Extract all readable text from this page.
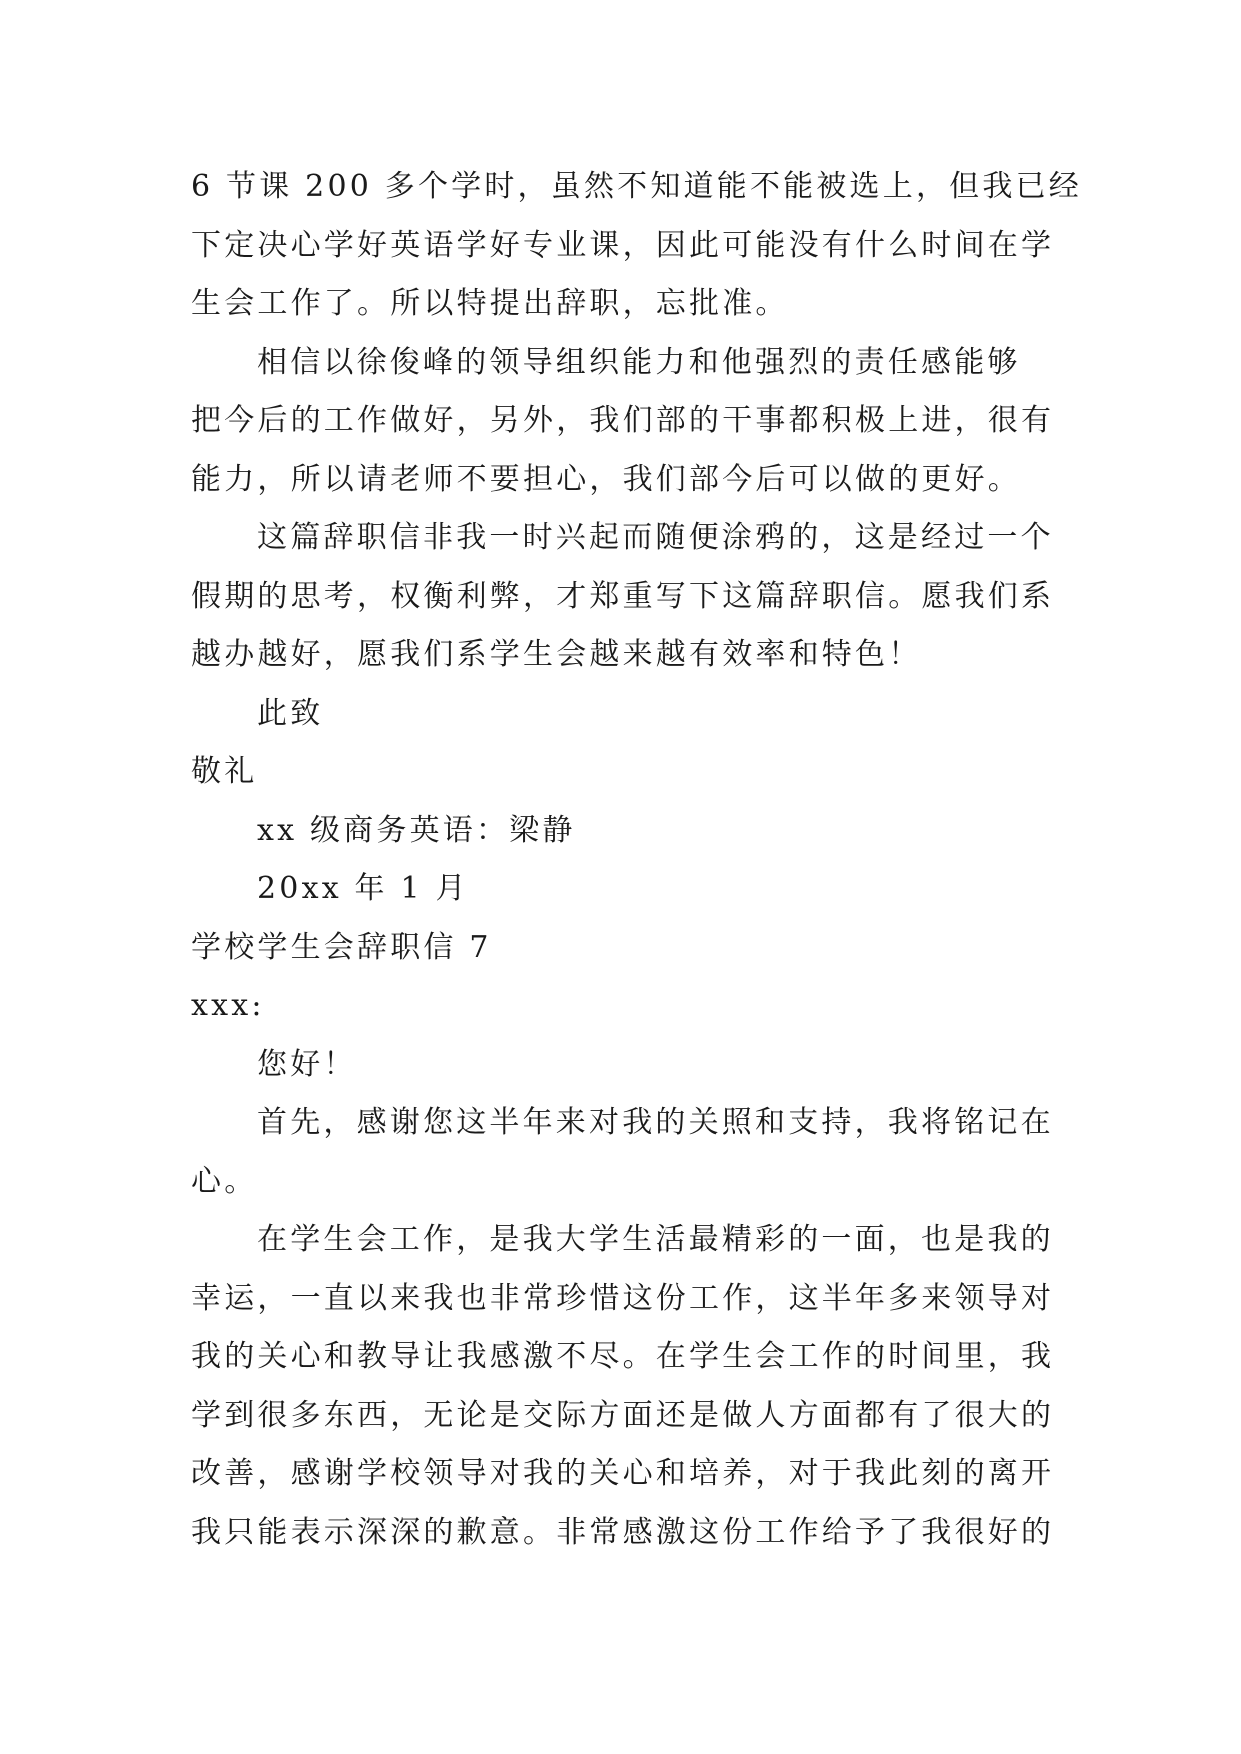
6 节课 200 多个学时，虽然不知道能不能被选上，但我已经
下定决心学好英语学好专业课，因此可能没有什么时间在学
生会工作了。所以特提出辞职，忘批准。
相信以徐俊峰的领导组织能力和他强烈的责任感能够
把今后的工作做好，另外，我们部的干事都积极上进，很有
能力，所以请老师不要担心，我们部今后可以做的更好。
这篇辞职信非我一时兴起而随便涂鸦的，这是经过一个
假期的思考，权衡利弊，才郑重写下这篇辞职信。愿我们系
越办越好，愿我们系学生会越来越有效率和特色！
此致
敬礼
xx 级商务英语：梁静
20xx 年 1 月
学校学生会辞职信 7
xxx:
您好！
首先，感谢您这半年来对我的关照和支持，我将铭记在
心。
在学生会工作，是我大学生活最精彩的一面，也是我的
幸运，一直以来我也非常珍惜这份工作，这半年多来领导对
我的关心和教导让我感激不尽。在学生会工作的时间里，我
学到很多东西，无论是交际方面还是做人方面都有了很大的
改善，感谢学校领导对我的关心和培养，对于我此刻的离开
我只能表示深深的歉意。非常感激这份工作给予了我很好的
